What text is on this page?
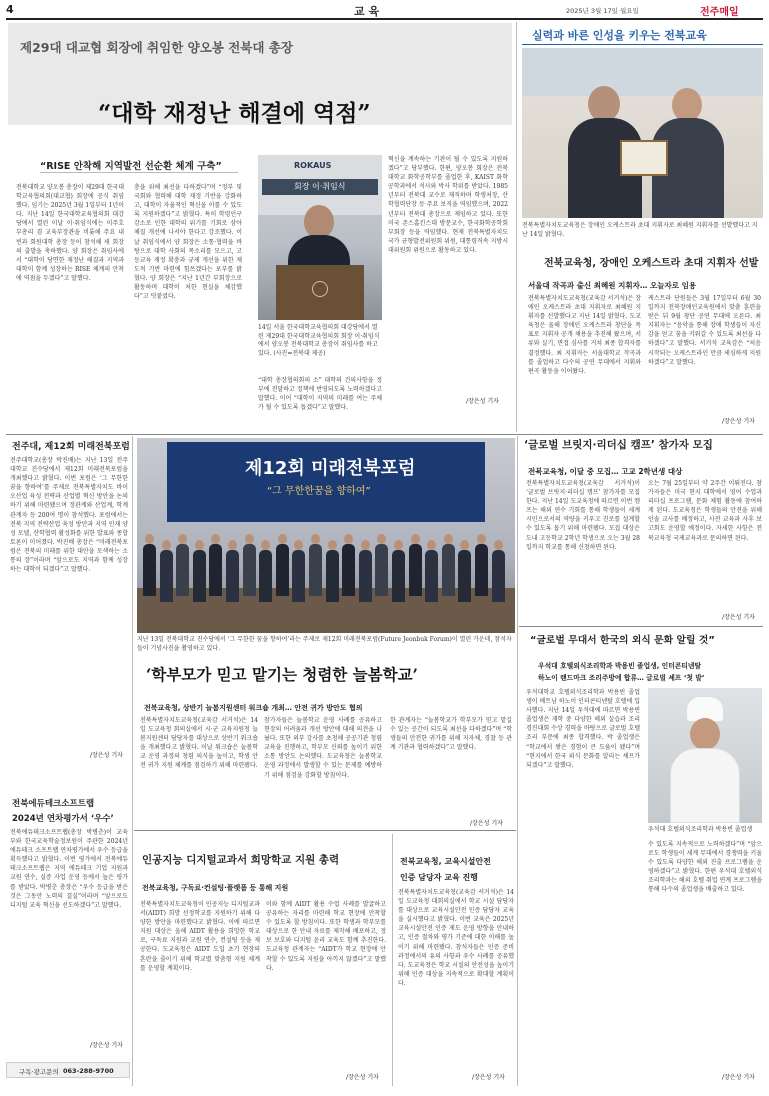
4	교 육	2025년 3월 17일 월요일	전주매일
제29대 대교협 회장에 취임한 양오봉 전북대 총장
“대학 재정난 해결에 역점”
“RISE 안착해 지역발전 선순환 체계 구축”
전북대학교 양오봉 총장이 제29대 한국대학교육협의회(대교협) 회장에 공식 취임했다. 임기는 2025년 3월 1일부터 1년이다. 지난 14일 한국대학교육협의회 대강당에서 열린 이날 이·취임식에는 이주호 부총리 겸 교육부장관을 비롯해 주요 내빈과 회원대학 총장 등이 참석해 새 회장의 출발을 축하했다. 양 회장은 취임사에서 “대학이 당면한 재정난 해결과 지역과 대학이 함께 성장하는 RISE 체계의 안착에 역점을 두겠다”고 말했다.
충을 위해 최선을 다하겠다”며 “정부 및 국회와 협력해 대학 재정 기반을 강화하고, 대학이 자율적인 혁신을 이룰 수 있도록 지원하겠다”고 밝혔다. 특히 학령인구 감소로 인한 대학의 위기를 기회로 삼아 체질 개선에 나서야 한다고 강조했다. 이날 취임식에서 양 회장은 소통·협력을 바탕으로 대학 사회의 목소리를 모으고, 고등교육 재정 확충과 규제 개선을 위한 제도적 기반 마련에 힘쓰겠다는 포부를 밝혔다. 양 회장은 “지난 1년간 부회장으로 활동하며 대학이 처한 현실을 체감했다”고 덧붙였다.
ROKAUS
회장 이·취임식
14일 서울 한국대학교육협의회 대강당에서 열린 제29대 한국대학교육협의회 회장 이·취임식에서 양오봉 전북대학교 총장이 취임사를 하고 있다. (사진=전북대 제공)
“대학 총장협의회의 소” 대학의 건의사항을 정부에 전달하고 정책에 반영되도록 노력하겠다고 말했다. 이어 “대학이 지역의 미래를 여는 주체가 될 수 있도록 돕겠다”고 말했다.
혁신을 계속하는 기관이 될 수 있도록 지원하겠다”고 당부했다. 한편, 양오봉 회장은 전북대학교 화학공학부를 졸업한 후, KAIST 화학공학과에서 석사와 박사 학위를 받았다. 1985년부터 전북대 교수로 재직하며 학생처장, 산학협력단장 등 주요 보직을 역임했으며, 2022년부터 전북대 총장으로 재임하고 있다. 또한 미국 존스홉킨스대 방문교수, 한국화학공학회 부회장 등을 역임했다. 현재 전북특별자치도 국가 균형발전위원회 위원, 대통령직속 지방시대위원회 위원으로 활동하고 있다.
/장은성 기자
실력과 바른 인성을 키우는 전북교육
전북특별자치도교육청은 장애인 오케스트라 초대 지휘자로 최혜원 지휘자를 선발했다고 지난 14일 밝혔다.
전북교육청, 장애인 오케스트라 초대 지휘자 선발
서울대 작곡과 출신 최혜원 지휘자… 오늘자로 임용
전북특별자치도교육청(교육감 서거석)은 장애인 오케스트라 초대 지휘자로 최혜원 지휘자를 선발했다고 지난 14일 밝혔다. 도교육청은 올해 장애인 오케스트라 창단을 목표로 지휘자 공개 채용을 추진해 왔으며, 서류와 실기, 면접 심사를 거쳐 최종 합격자를 결정했다. 최 지휘자는 서울대학교 작곡과를 졸업하고 다수의 공연 무대에서 지휘와 편곡 활동을 이어왔다.
케스트라 단원들은 3월 17일부터 6월 30일까지 전북장애인교육원에서 맞춤 훈련을 받은 뒤 9월 창단 공연 무대에 오른다. 최 지휘자는 “음악을 통해 장애 학생들이 자신감을 얻고 꿈을 키워갈 수 있도록 최선을 다하겠다”고 말했다. 서거석 교육감은 “처음 시작되는 오케스트라인 만큼 세심하게 지원하겠다”고 말했다.
/장은성 기자
전주대, 제12회 미래전북포럼
전주대학교(총장 박진배)는 지난 13일 전주대학교 진수당에서 제12회 미래전북포럼을 개최했다고 밝혔다. 이번 포럼은 ‘그 무한한 꿈을 향하여’를 주제로 전북특별자치도 바이오산업 육성 전략과 산업별 혁신 방안을 논의하기 위해 마련됐으며 정관계와 산업계, 학계 관계자 등 200여 명이 참석했다. 포럼에서는 전북 지역 전략산업 육성 방안과 지역 인재 양성 모델, 산학협력 활성화를 위한 발표와 종합 토론이 이어졌다. 박진배 총장은 “미래전북포럼은 전북의 미래를 위한 대안을 모색하는 소통의 장”이라며 “앞으로도 지역과 함께 성장하는 대학이 되겠다”고 말했다.
/장은성 기자
제12회 미래전북포럼
“그 무한한꿈을 향하여”
지난 13일 전북대학교 진수당에서 ‘그 무한한 꿈을 향하여’라는 주제로 제12회 미래전북포럼(Future Jeonbuk Forum)이 열린 가운데, 참석자들이 기념사진을 촬영하고 있다.
‘글로벌 브릿지·리더십 캠프’ 참가자 모집
전북교육청, 이달 중 모집… 고교 2학년생 대상
전북특별자치도교육청(교육감 서거석)이 ‘글로벌 브릿지·리더십 캠프’ 참가자를 모집한다. 지난 14일 도교육청에 따르면 이번 캠프는 해외 연수 기회를 통해 학생들이 세계 시민으로서의 역량을 키우고 진로를 설계할 수 있도록 돕기 위해 마련됐다. 모집 대상은 도내 고등학교 2학년 학생으로 오는 3월 28일까지 학교를 통해 신청하면 된다.
오는 7월 25일부터 약 2주간 이뤄진다. 참가자들은 미국 현지 대학에서 영어 수업과 리더십 프로그램, 문화 체험 활동에 참여하게 된다. 도교육청은 학생들의 안전을 위해 인솔 교사를 배정하고, 사전 교육과 사후 보고회도 운영할 예정이다. 자세한 사항은 전북교육청 국제교육과로 문의하면 된다.
/장은성 기자
‘학부모가 믿고 맡기는 청렴한 늘봄학교’
전북교육청, 상반기 늘봄지원센터 워크숍 개최… 안전 귀가 방안도 협의
전북특별자치도교육청(교육감 서거석)은 14일 도교육청 회의실에서 시·군 교육지원청 늘봄지원센터 담당자를 대상으로 상반기 워크숍을 개최했다고 밝혔다. 이날 워크숍은 늘봄학교 운영 과정의 청렴 의식을 높이고, 학생 안전 귀가 지원 체계를 점검하기 위해 마련됐다.
참가자들은 늘봄학교 운영 사례를 공유하고 현장의 어려움과 개선 방안에 대해 의견을 나눴다. 또한 외부 강사를 초청해 공공기관 청렴 교육을 진행하고, 학부모 신뢰를 높이기 위한 소통 방안도 논의했다. 도교육청은 늘봄학교 운영 과정에서 발생할 수 있는 문제를 예방하기 위해 점검을 강화할 방침이다.
한 관계자는 “늘봄학교가 학부모가 믿고 맡길 수 있는 공간이 되도록 최선을 다하겠다”며 “학생들의 안전한 귀가를 위해 지자체, 경찰 등 관계 기관과 협력하겠다”고 말했다.
/장은성 기자
전북에듀테크소프트랩
2024년 연차평가서 ‘우수’
전북에듀테크소프트랩(총장 박병춘)이 교육부와 한국교육학술정보원이 주관한 2024년 에듀테크 소프트랩 연차평가에서 우수 등급을 획득했다고 밝혔다. 이번 평가에서 전북에듀테크소프트랩은 지역 에듀테크 기업 지원과 교원 연수, 실증 사업 운영 등에서 높은 평가를 받았다. 박병춘 총장은 “우수 등급을 받은 것은 그동안 노력의 결실”이라며 “앞으로도 디지털 교육 혁신을 선도하겠다”고 말했다.
/장은성 기자
구독·광고문의 063-288-9700
인공지능 디지털교과서 희망학교 지원 총력
전북교육청, 구독료·컨설팅·플랫폼 등 통해 지원
전북특별자치도교육청이 인공지능 디지털교과서(AIDT) 희망 선정학교를 지원하기 위해 다양한 방안을 마련했다고 밝혔다. 이에 따르면 지원 대상은 올해 AIDT 활용을 희망한 학교로, 구독료 지원과 교원 연수, 컨설팅 등을 제공한다. 도교육청은 AIDT 도입 초기 현장의 혼란을 줄이기 위해 학교별 맞춤형 지원 체계를 운영할 계획이다.
이와 함께 AIDT 활용 수업 사례를 발굴하고 공유하는 자리를 마련해 학교 현장에 안착할 수 있도록 할 방침이다. 또한 학생과 학부모를 대상으로 한 안내 자료를 제작해 배포하고, 정보 보호와 디지털 윤리 교육도 함께 추진한다. 도교육청 관계자는 “AIDT가 학교 현장에 안착할 수 있도록 지원을 아끼지 않겠다”고 말했다.
/장은성 기자
전북교육청, 교육시설안전
인증 담당자 교육 진행
전북특별자치도교육청(교육감 서거석)은 14일 도교육청 대회의실에서 학교 시설 담당자를 대상으로 교육시설안전 인증 담당자 교육을 실시했다고 밝혔다. 이번 교육은 2025년 교육시설안전 인증 제도 운영 방향을 안내하고, 인증 절차와 평가 기준에 대한 이해를 높이기 위해 마련됐다. 참석자들은 인증 준비 과정에서의 유의 사항과 우수 사례를 공유했다. 도교육청은 학교 시설의 안전성을 높이기 위해 인증 대상을 지속적으로 확대할 계획이다.
/장은성 기자
“글로벌 무대서 한국의 외식 문화 알릴 것”
우석대 호텔외식조리학과 박용빈 졸업생, 인터콘티넨탈
하노이 랜드마크 조리주방에 합류… 글로벌 셰프 ‘첫 발’
우석대학교 호텔외식조리학과 박용빈 졸업생이 베트남 하노이 인터콘티넨탈 호텔에 입사했다. 지난 14일 우석대에 따르면 박용빈 졸업생은 재학 중 다양한 해외 실습과 조리 경진대회 수상 경력을 바탕으로 글로벌 호텔 조리 부문에 최종 합격했다. 박 졸업생은 “학교에서 쌓은 경험이 큰 도움이 됐다”며 “현지에서 한국 외식 문화를 알리는 셰프가 되겠다”고 말했다.
우석대 호텔외식조리학과 박용빈 졸업생
수 있도록 지속적으로 노력하겠다”며 “앞으로도 학생들이 세계 무대에서 경쟁력을 키울 수 있도록 다양한 해외 진출 프로그램을 운영하겠다”고 밝혔다. 한편 우석대 호텔외식조리학과는 해외 호텔 취업 연계 프로그램을 통해 다수의 졸업생을 배출하고 있다.
/장은성 기자
